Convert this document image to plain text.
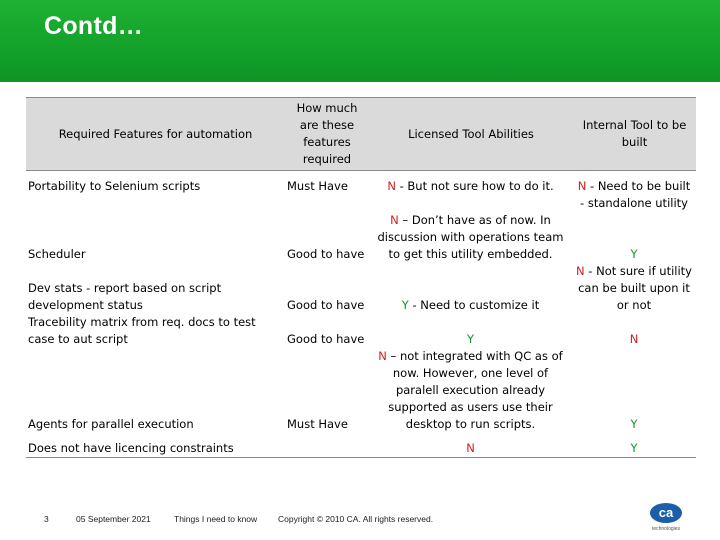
Contd…
Required Features for automation	How much are these features required	Licensed Tool Abilities	Internal Tool to be built
Portability to Selenium scripts	Must Have	N - But not sure how to do it.	N - Need to be built - standalone utility
Scheduler	Good to have	N – Don’t have as of now. In discussion with operations team to get this utility embedded.	Y
Dev stats - report based on script development status	Good to have	Y - Need to customize it	N - Not sure if utility can be built upon it or not
Tracebility matrix from req. docs to test case to aut script	Good to have	Y	N
Agents for parallel execution	Must Have	N – not integrated with QC as of now. However, one level of paralell execution already supported as users use their desktop to run scripts.	Y
Does not have licencing constraints		N	Y
3	05 September 2021	Things I need to know Copyright © 2010 CA. All rights reserved.	ca
technologies
